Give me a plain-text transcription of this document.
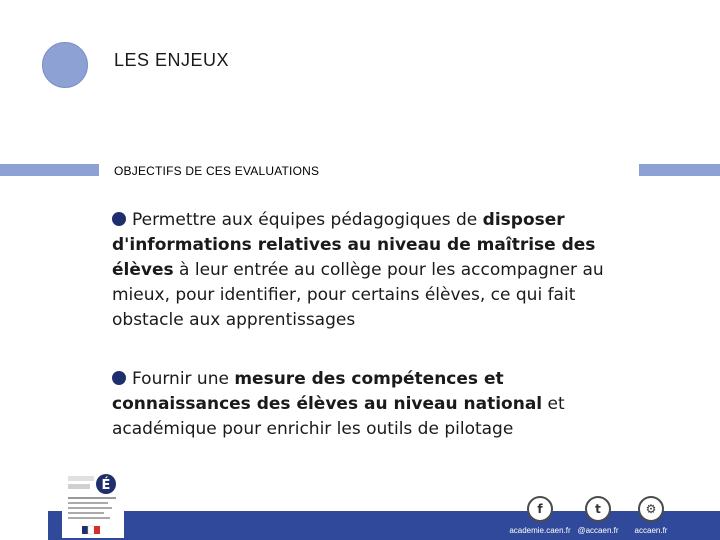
LES ENJEUX
OBJECTIFS DE CES EVALUATIONS
Permettre aux équipes pédagogiques de disposer d'informations relatives au niveau de maîtrise des élèves à leur entrée au collège pour les accompagner au mieux, pour identifier, pour certains élèves, ce qui fait obstacle aux apprentissages
Fournir une mesure des compétences et connaissances des élèves au niveau national et académique pour enrichir les outils de pilotage
É
f
academie.caen.fr
t
@accaen.fr
⚙
accaen.fr
